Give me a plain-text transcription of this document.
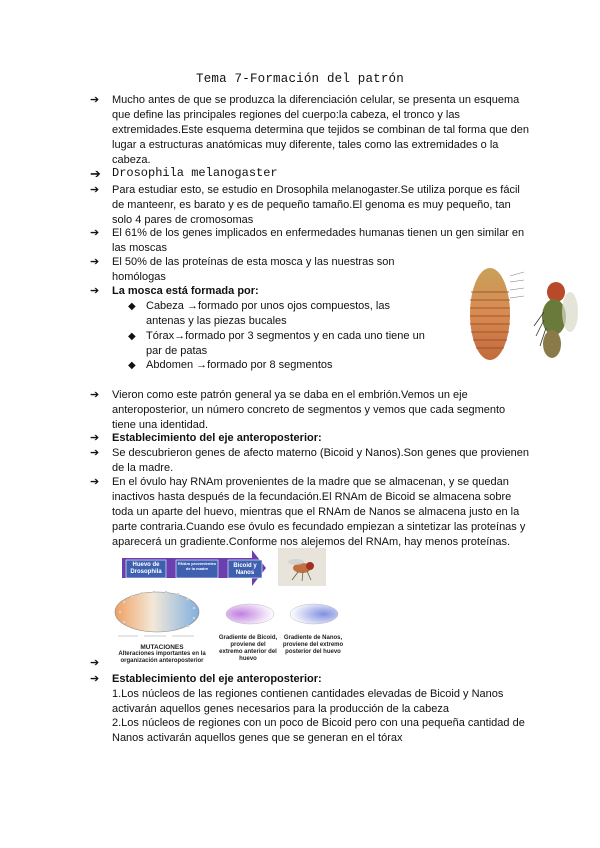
Tema 7-Formación del patrón
➔	Mucho antes de que se produzca la diferenciación celular, se presenta un esquema que define las principales regiones del cuerpo:la cabeza, el tronco y las extremidades.Este esquema determina que tejidos se combinan de tal forma que den lugar a estructuras anatómicas muy diferente, tales como las extremidades o la cabeza.
➔ Drosophila melanogaster
➔	Para estudiar esto, se estudio en Drosophila melanogaster.Se utiliza porque es fácil de manteenr, es barato y es de pequeño tamaño.El genoma es muy pequeño, tan solo 4 pares de cromosomas
➔	El 61% de los genes implicados en enfermedades humanas tienen un gen similar en las moscas
➔	El 50% de las proteínas de esta mosca y las nuestras son homólogas
➔	La mosca está formada por:
◆ Cabeza →formado por unos ojos compuestos, las antenas y las piezas bucales
◆ Tórax→formado por 3 segmentos y en cada uno tiene un par de patas
◆ Abdomen →formado por 8 segmentos
➔	Vieron como este patrón general ya se daba en el embrión.Vemos un eje anteroposterior, un número concreto de segmentos y vemos que cada segmento tiene una identidad.
➔	Establecimiento del eje anteroposterior:
➔	Se descubrieron genes de afecto materno (Bicoid y Nanos).Son genes que provienen de la madre.
➔	En el óvulo hay RNAm provenientes de la madre que se almacenan, y se quedan inactivos hasta después de la fecundación.El RNAm de Bicoid se almacena sobre toda un aparte del huevo, mientras que el RNAm de Nanos se almacena justo en la parte contraria.Cuando ese óvulo es fecundado empiezan a sintetizar las proteínas y aparecerá un gradiente.Conforme nos alejemos del RNAm, hay menos proteínas.
Huevo de Drosophila
RNAm provenientes de la madre	Bicoid y Nanos
MUTACIONES
Alteraciones importantes en la organización anteroposterior
Gradiente de Bicoid, proviene del extremo anterior del huevo
Gradiente de Nanos, proviene del extremo posterior del huevo
➔
➔	Establecimiento del eje anteroposterior:
1.Los núcleos de las regiones contienen cantidades elevadas de Bicoid y Nanos activarán aquellos genes necesarios para la producción de la cabeza
2.Los núcleos de regiones con un poco de Bicoid pero con una pequeña cantidad de Nanos activarán aquellos genes que se generan en el tórax
